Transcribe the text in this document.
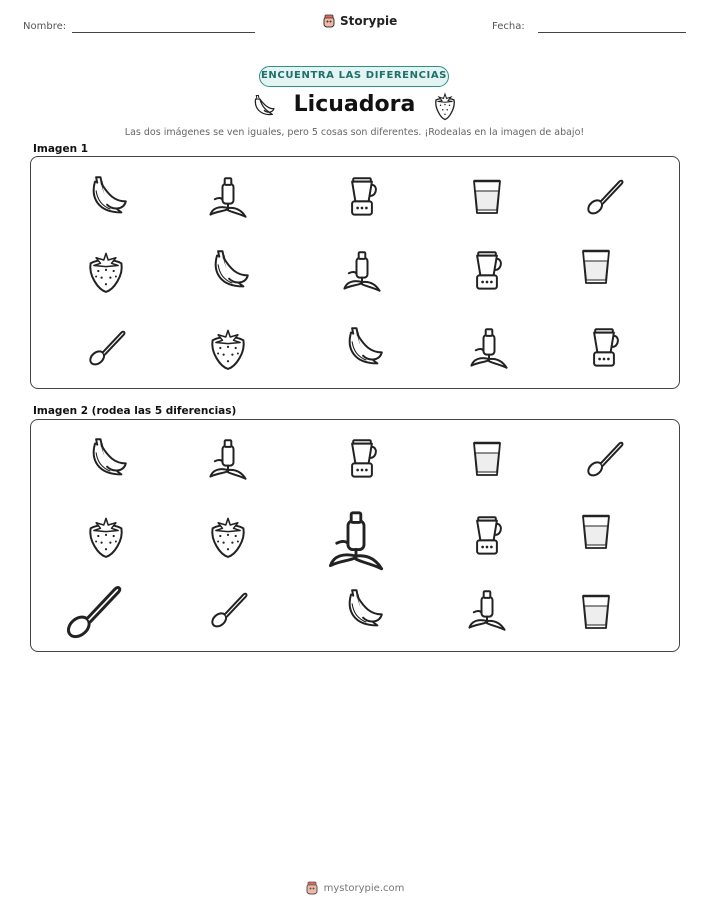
Nombre:	Storypie	Fecha:
ENCUENTRA LAS DIFERENCIAS
Licuadora
Las dos imágenes se ven iguales, pero 5 cosas son diferentes. ¡Rodealas en la imagen de abajo!
Imagen 1
Imagen 2 (rodea las 5 diferencias)
mystorypie.com
